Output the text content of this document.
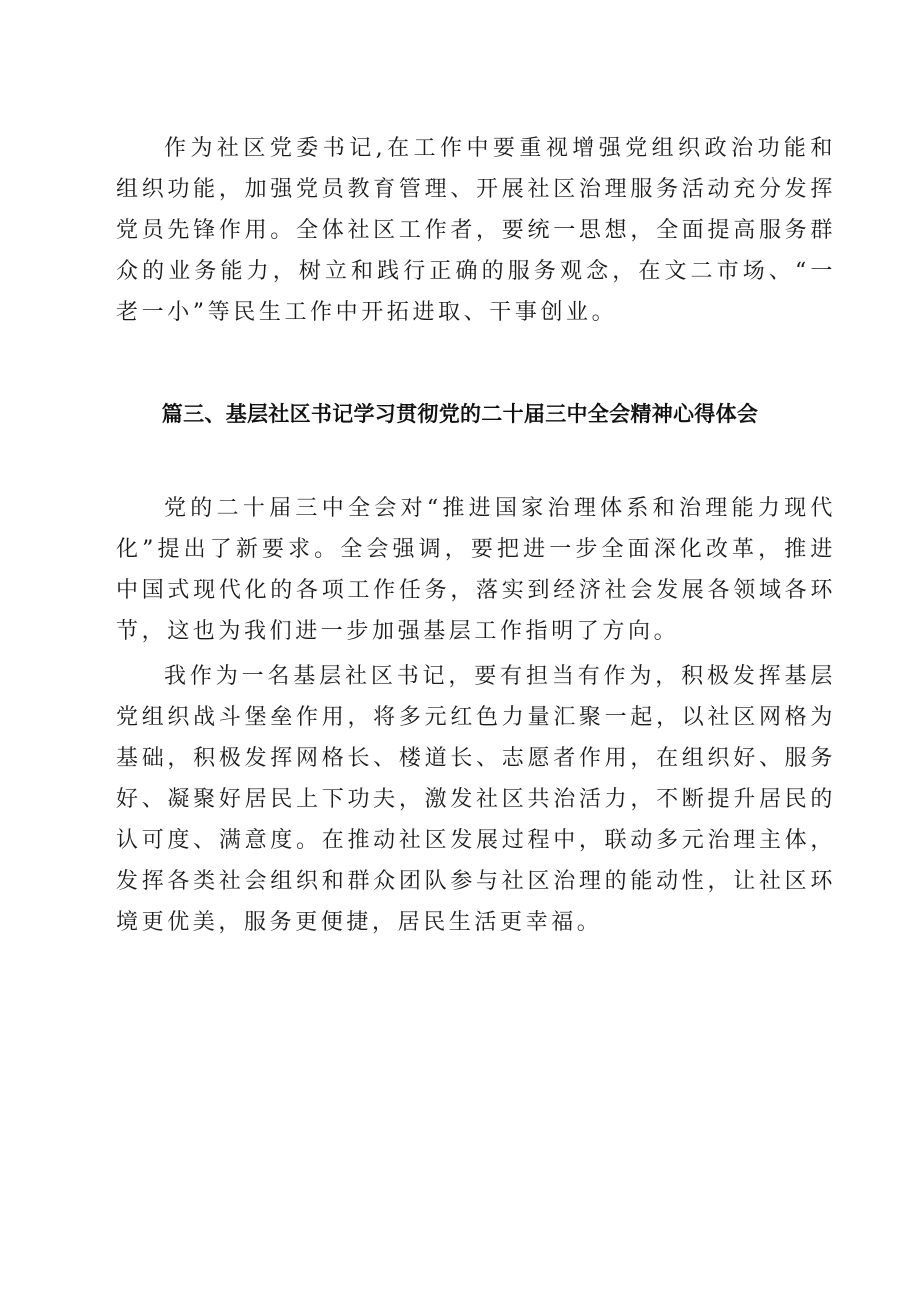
作为社区党委书记,在工作中要重视增强党组织政治功能和组织功能，加强党员教育管理、开展社区治理服务活动充分发挥党员先锋作用。全体社区工作者，要统一思想，全面提高服务群众的业务能力，树立和践行正确的服务观念，在文二市场、“一老一小”等民生工作中开拓进取、干事创业。

篇三、基层社区书记学习贯彻党的二十届三中全会精神心得体会

党的二十届三中全会对“推进国家治理体系和治理能力现代化”提出了新要求。全会强调，要把进一步全面深化改革，推进中国式现代化的各项工作任务，落实到经济社会发展各领域各环节，这也为我们进一步加强基层工作指明了方向。

我作为一名基层社区书记，要有担当有作为，积极发挥基层党组织战斗堡垒作用，将多元红色力量汇聚一起，以社区网格为基础，积极发挥网格长、楼道长、志愿者作用，在组织好、服务好、凝聚好居民上下功夫，激发社区共治活力，不断提升居民的认可度、满意度。在推动社区发展过程中，联动多元治理主体，发挥各类社会组织和群众团队参与社区治理的能动性，让社区环境更优美，服务更便捷，居民生活更幸福。
